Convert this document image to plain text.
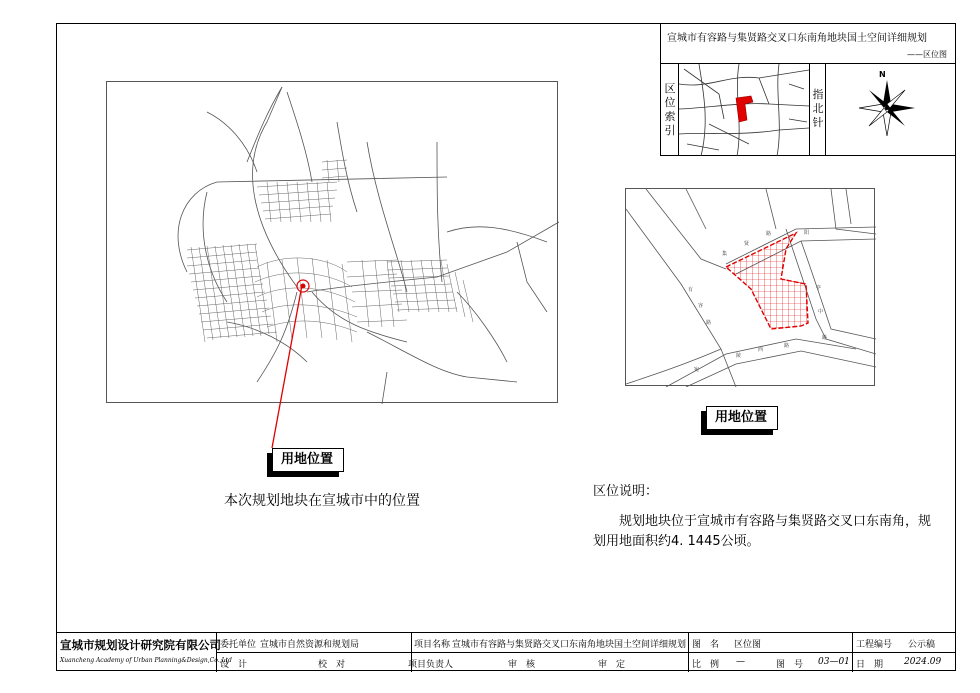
宣城市有容路与集贤路交叉口东南角地块国土空间详细规划
——区位图
区
位
索
引
指
北
针
N
用地位置
本次规划地块在宣城市中的位置
有
容
路
集
贤
路	阳
亭
中
路
宛
陵
西
路
用地位置
区位说明：
规划地块位于宣城市有容路与集贤路交叉口东南角，规划用地面积约4. 1445公顷。
宣城市规划设计研究院有限公司
Xuancheng Academy of Urban Planning&Design,Co.,Ltd
委托单位 宣城市自然资源和规划局
设　计	校　对
项目名称 宣城市有容路与集贤路交叉口东南角地块国土空间详细规划
项目负责人	审　核	审　定
图　名 区位图
比　例 —	图　号 03—01
工程编号 公示稿
日　期 2024.09
